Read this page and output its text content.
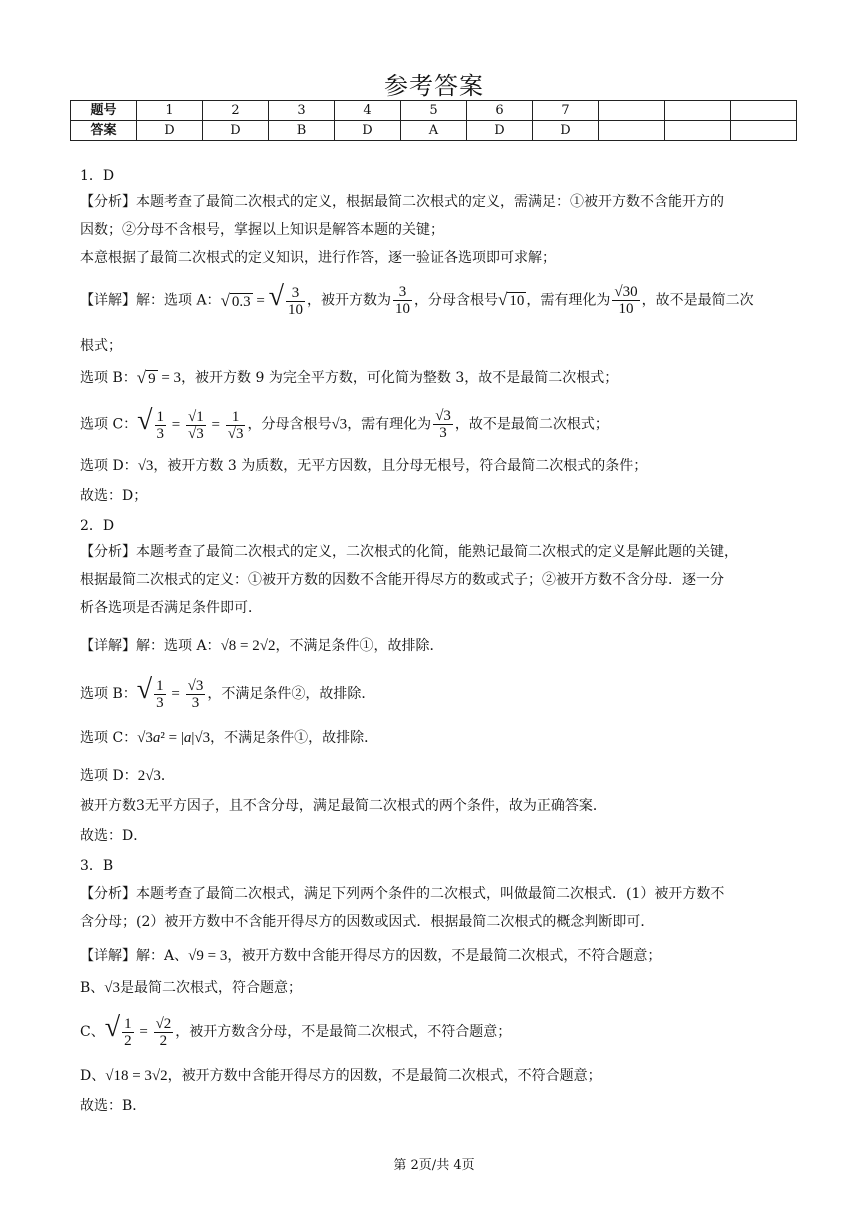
参考答案
题号	1	2	3	4	5	6	7			
答案	D	D	B	D	A	D	D			
1．D
【分析】本题考查了最简二次根式的定义，根据最简二次根式的定义，需满足：①被开方数不含能开方的
因数；②分母不含根号，掌握以上知识是解答本题的关键；
本意根据了最简二次根式的定义知识，进行作答，逐一验证各选项即可求解；
【详解】解：选项 A：√ 0.3 = √ $\frac{3}{10}$ ，被开方数为 $\frac{3}{10}$ ，分母含根号√ 10 ，需有理化为 $\frac{√30}{10}$ ，故不是最简二次
根式；
选项 B：√ 9 = 3，被开方数 9 为完全平方数，可化简为整数 3，故不是最简二次根式；
选项 C：√ $\frac{1}{3} = \frac{√1}{√3} = \frac{1}{√3}$ ，分母含根号√3，需有理化为 $\frac{√3}{3}$ ，故不是最简二次根式；
选项 D：√3，被开方数 3 为质数，无平方因数，且分母无根号，符合最简二次根式的条件；
故选：D；
2．D
【分析】本题考查了最简二次根式的定义，二次根式的化简，能熟记最简二次根式的定义是解此题的关键，
根据最简二次根式的定义：①被开方数的因数不含能开得尽方的数或式子；②被开方数不含分母．逐一分
析各选项是否满足条件即可．
【详解】解：选项 A：√8 = 2√2，不满足条件①，故排除．
选项 B：√ $\frac{1}{3} = \frac{√3}{3}$ ，不满足条件②，故排除．
选项 C：√3a² = |a|√3，不满足条件①，故排除．
选项 D：2√3．
被开方数3无平方因子，且不含分母，满足最简二次根式的两个条件，故为正确答案．
故选：D．
3．B
【分析】本题考查了最简二次根式，满足下列两个条件的二次根式，叫做最简二次根式．(1）被开方数不
含分母；(2）被开方数中不含能开得尽方的因数或因式．根据最简二次根式的概念判断即可．
【详解】解：A、√9 = 3，被开方数中含能开得尽方的因数，不是最简二次根式，不符合题意；
B、√3是最简二次根式，符合题意；
C、√ $\frac{1}{2} = \frac{√2}{2}$ ，被开方数含分母，不是最简二次根式，不符合题意；
D、√18 = 3√2，被开方数中含能开得尽方的因数，不是最简二次根式，不符合题意；
故选：B．
第 2页/共 4页
